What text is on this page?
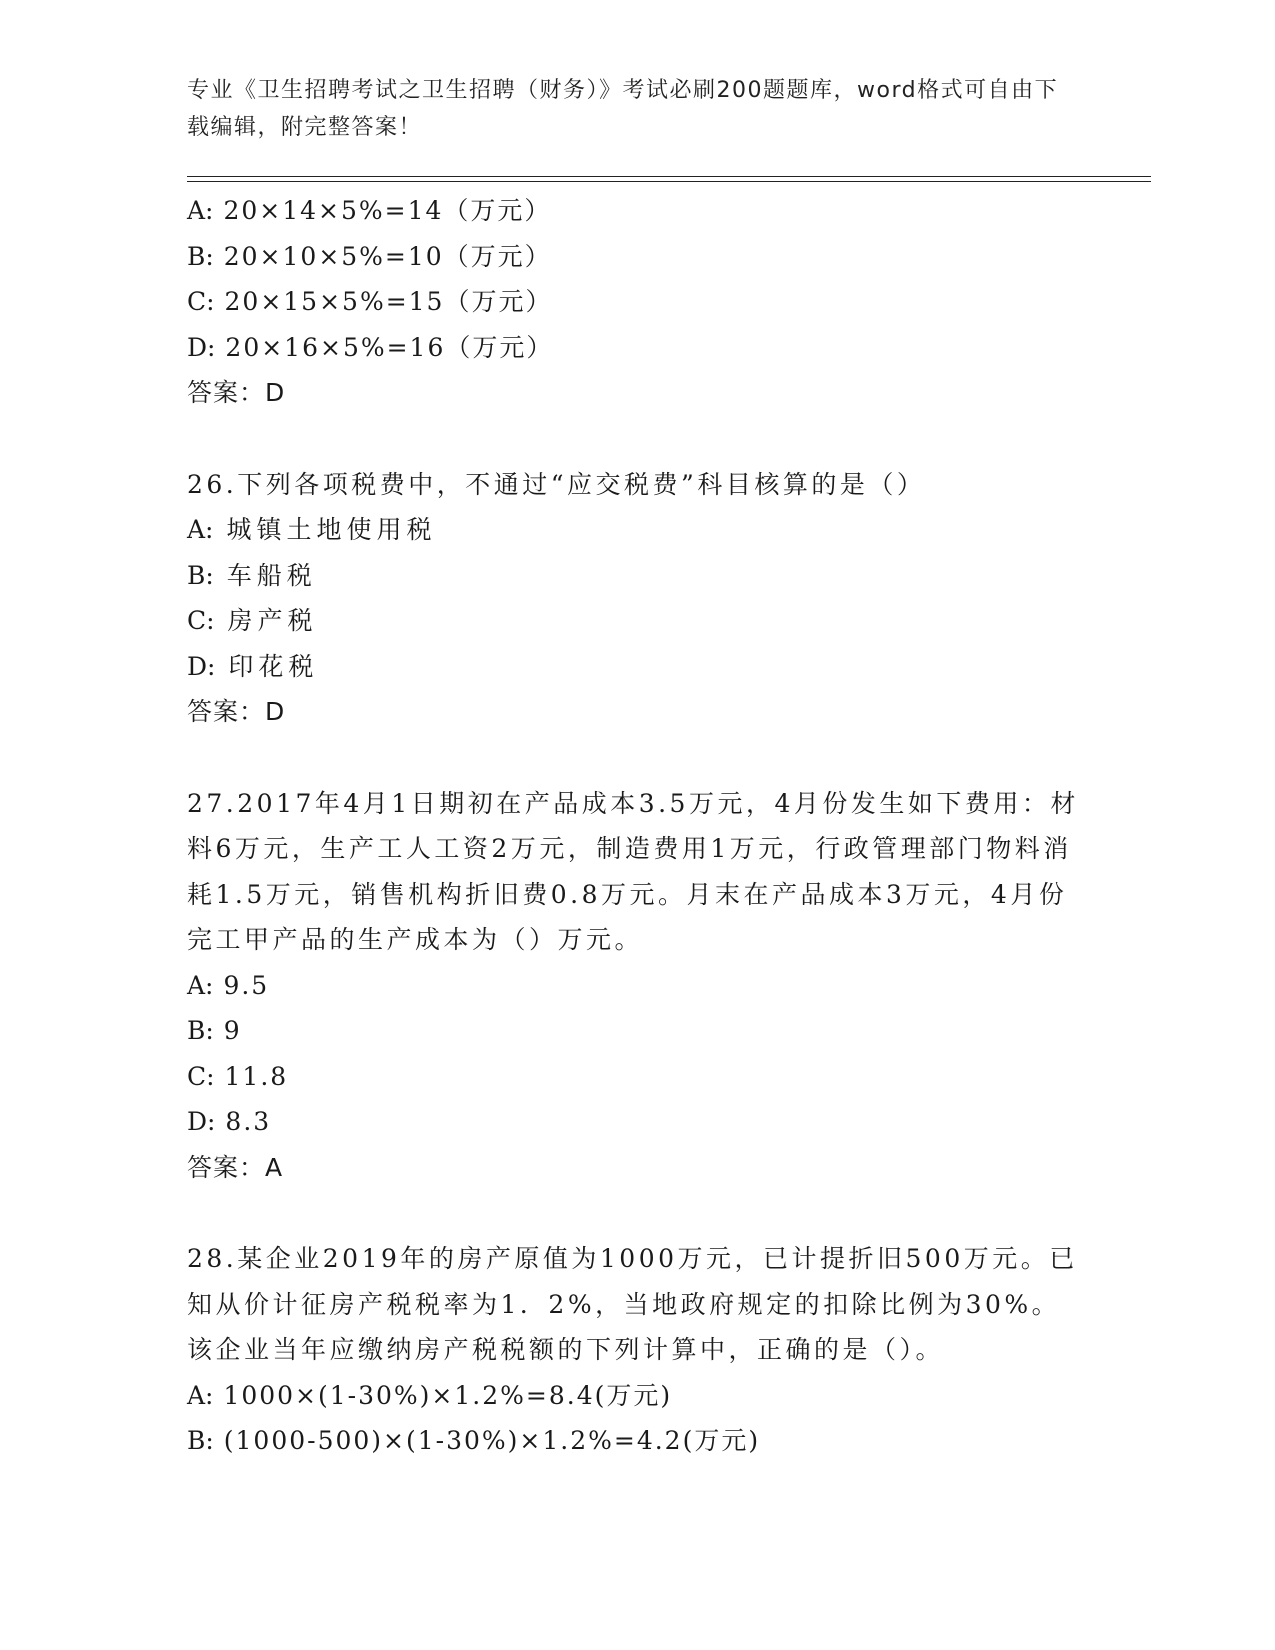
专业《卫生招聘考试之卫生招聘（财务）》考试必刷200题题库，word格式可自由下载编辑，附完整答案！
A: 20×14×5%=14（万元）
B: 20×10×5%=10（万元）
C: 20×15×5%=15（万元）
D: 20×16×5%=16（万元）
答案：D
26.下列各项税费中，不通过“应交税费”科目核算的是（）
A: 城镇土地使用税
B: 车船税
C: 房产税
D: 印花税
答案：D
27.2017年4月1日期初在产品成本3.5万元，4月份发生如下费用：材料6万元，生产工人工资2万元，制造费用1万元，行政管理部门物料消耗1.5万元，销售机构折旧费0.8万元。月末在产品成本3万元，4月份完工甲产品的生产成本为（）万元。
A: 9.5
B: 9
C: 11.8
D: 8.3
答案：A
28.某企业2019年的房产原值为1000万元，已计提折旧500万元。已知从价计征房产税税率为1．2%，当地政府规定的扣除比例为30%。该企业当年应缴纳房产税税额的下列计算中，正确的是（）。
A: 1000×(1-30%)×1.2%=8.4(万元)
B: (1000-500)×(1-30%)×1.2%=4.2(万元)
